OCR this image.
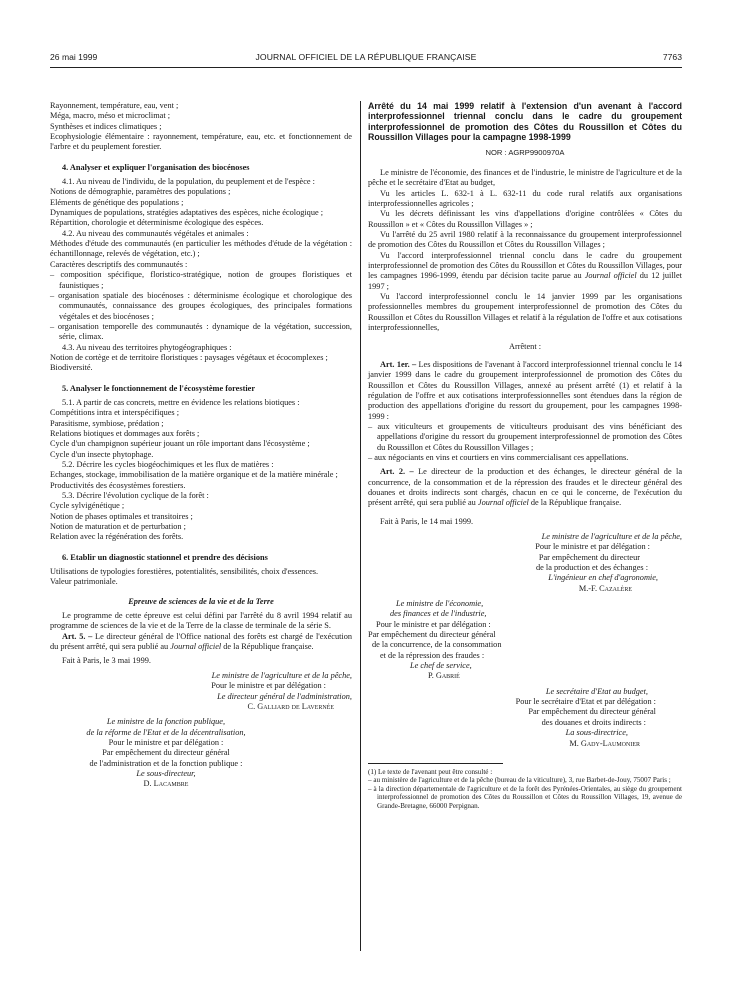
26 mai 1999	JOURNAL OFFICIEL DE LA RÉPUBLIQUE FRANÇAISE	7763

Rayonnement, température, eau, vent ;

Méga, macro, méso et microclimat ;

Synthèses et indices climatiques ;

Ecophysiologie élémentaire : rayonnement, température, eau, etc. et fonctionnement de l'arbre et du peuplement forestier.

4. Analyser et expliquer l'organisation des biocénoses

4.1. Au niveau de l'individu, de la population, du peuplement et de l'espèce :

Notions de démographie, paramètres des populations ;

Eléments de génétique des populations ;

Dynamiques de populations, stratégies adaptatives des espèces, niche écologique ;

Répartition, chorologie et déterminisme écologique des espèces.

4.2. Au niveau des communautés végétales et animales :

Méthodes d'étude des communautés (en particulier les méthodes d'étude de la végétation : échantillonnage, relevés de végétation, etc.) ;

Caractères descriptifs des communautés :

– composition spécifique, floristico-stratégique, notion de groupes floristiques et faunistiques ;

– organisation spatiale des biocénoses : déterminisme écologique et chorologique des communautés, connaissance des groupes écologiques, des principales formations végétales et des biocénoses ;

– organisation temporelle des communautés : dynamique de la végétation, succession, série, climax.

4.3. Au niveau des territoires phytogéographiques :

Notion de cortège et de territoire floristiques : paysages végétaux et écocomplexes ;

Biodiversité.

5. Analyser le fonctionnement de l'écosystème forestier

5.1. A partir de cas concrets, mettre en évidence les relations biotiques :

Compétitions intra et interspécifiques ;

Parasitisme, symbiose, prédation ;

Relations biotiques et dommages aux forêts ;

Cycle d'un champignon supérieur jouant un rôle important dans l'écosystème ;

Cycle d'un insecte phytophage.

5.2. Décrire les cycles biogéochimiques et les flux de matières :

Echanges, stockage, immobilisation de la matière organique et de la matière minérale ;

Productivités des écosystèmes forestiers.

5.3. Décrire l'évolution cyclique de la forêt :

Cycle sylvigénétique ;

Notion de phases optimales et transitoires ;

Notion de maturation et de perturbation ;

Relation avec la régénération des forêts.

6. Etablir un diagnostic stationnel et prendre des décisions

Utilisations de typologies forestières, potentialités, sensibilités, choix d'essences.

Valeur patrimoniale.

Epreuve de sciences de la vie et de la Terre

Le programme de cette épreuve est celui défini par l'arrêté du 8 avril 1994 relatif au programme de sciences de la vie et de la Terre de la classe de terminale de la série S.

Art. 5. – Le directeur général de l'Office national des forêts est chargé de l'exécution du présent arrêté, qui sera publié au Journal officiel de la République française.

Fait à Paris, le 3 mai 1999.

Le ministre de l'agriculture et de la pêche,

Pour le ministre et par délégation :

Le directeur général de l'administration,

C. Galliard de Lavernée

Le ministre de la fonction publique,

de la réforme de l'Etat et de la décentralisation,

Pour le ministre et par délégation :

Par empêchement du directeur général

de l'administration et de la fonction publique :

Le sous-directeur,

D. Lacambre

Arrêté du 14 mai 1999 relatif à l'extension d'un avenant à l'accord interprofessionnel triennal conclu dans le cadre du groupement interprofessionnel de promotion des Côtes du Roussillon et Côtes du Roussillon Villages pour la campagne 1998-1999

NOR : AGRP9900970A

Le ministre de l'économie, des finances et de l'industrie, le ministre de l'agriculture et de la pêche et le secrétaire d'Etat au budget,

Vu les articles L. 632-1 à L. 632-11 du code rural relatifs aux organisations interprofessionnelles agricoles ;

Vu les décrets définissant les vins d'appellations d'origine contrôlées « Côtes du Roussillon » et « Côtes du Roussillon Villages » ;

Vu l'arrêté du 25 avril 1980 relatif à la reconnaissance du groupement interprofessionnel de promotion des Côtes du Roussillon et Côtes du Roussillon Villages ;

Vu l'accord interprofessionnel triennal conclu dans le cadre du groupement interprofessionnel de promotion des Côtes du Roussillon et Côtes du Roussillon Villages, pour les campagnes 1996-1999, étendu par décision tacite parue au Journal officiel du 12 juillet 1997 ;

Vu l'accord interprofessionnel conclu le 14 janvier 1999 par les organisations professionnelles membres du groupement interprofessionnel de promotion des Côtes du Roussillon et Côtes du Roussillon Villages et relatif à la régulation de l'offre et aux cotisations interprofessionnelles,

Arrêtent :

Art. 1er. – Les dispositions de l'avenant à l'accord interprofessionnel triennal conclu le 14 janvier 1999 dans le cadre du groupement interprofessionnel de promotion des Côtes du Roussillon et Côtes du Roussillon Villages, annexé au présent arrêté (1) et relatif à la régulation de l'offre et aux cotisations interprofessionnelles sont étendues dans la région de production des appellations d'origine du ressort du groupement, pour les campagnes 1998-1999 :

– aux viticulteurs et groupements de viticulteurs produisant des vins bénéficiant des appellations d'origine du ressort du groupement interprofessionnel de promotion des Côtes du Roussillon et Côtes du Roussillon Villages ;

– aux négociants en vins et courtiers en vins commercialisant ces appellations.

Art. 2. – Le directeur de la production et des échanges, le directeur général de la concurrence, de la consommation et de la répression des fraudes et le directeur général des douanes et droits indirects sont chargés, chacun en ce qui le concerne, de l'exécution du présent arrêté, qui sera publié au Journal officiel de la République française.

Fait à Paris, le 14 mai 1999.

Le ministre de l'agriculture et de la pêche,

Pour le ministre et par délégation :

Par empêchement du directeur

de la production et des échanges :

L'ingénieur en chef d'agronomie,

M.-F. Cazalère

Le ministre de l'économie,

des finances et de l'industrie,

Pour le ministre et par délégation :

Par empêchement du directeur général

de la concurrence, de la consommation

et de la répression des fraudes :

Le chef de service,

P. Gabrié

Le secrétaire d'Etat au budget,

Pour le secrétaire d'Etat et par délégation :

Par empêchement du directeur général

des douanes et droits indirects :

La sous-directrice,

M. Gady-Laumonier

(1) Le texte de l'avenant peut être consulté :

– au ministère de l'agriculture et de la pêche (bureau de la viticulture), 3, rue Barbet-de-Jouy, 75007 Paris ;

– à la direction départementale de l'agriculture et de la forêt des Pyrénées-Orientales, au siège du groupement interprofessionnel de promotion des Côtes du Roussillon et Côtes du Roussillon Villages, 19, avenue de Grande-Bretagne, 66000 Perpignan.
